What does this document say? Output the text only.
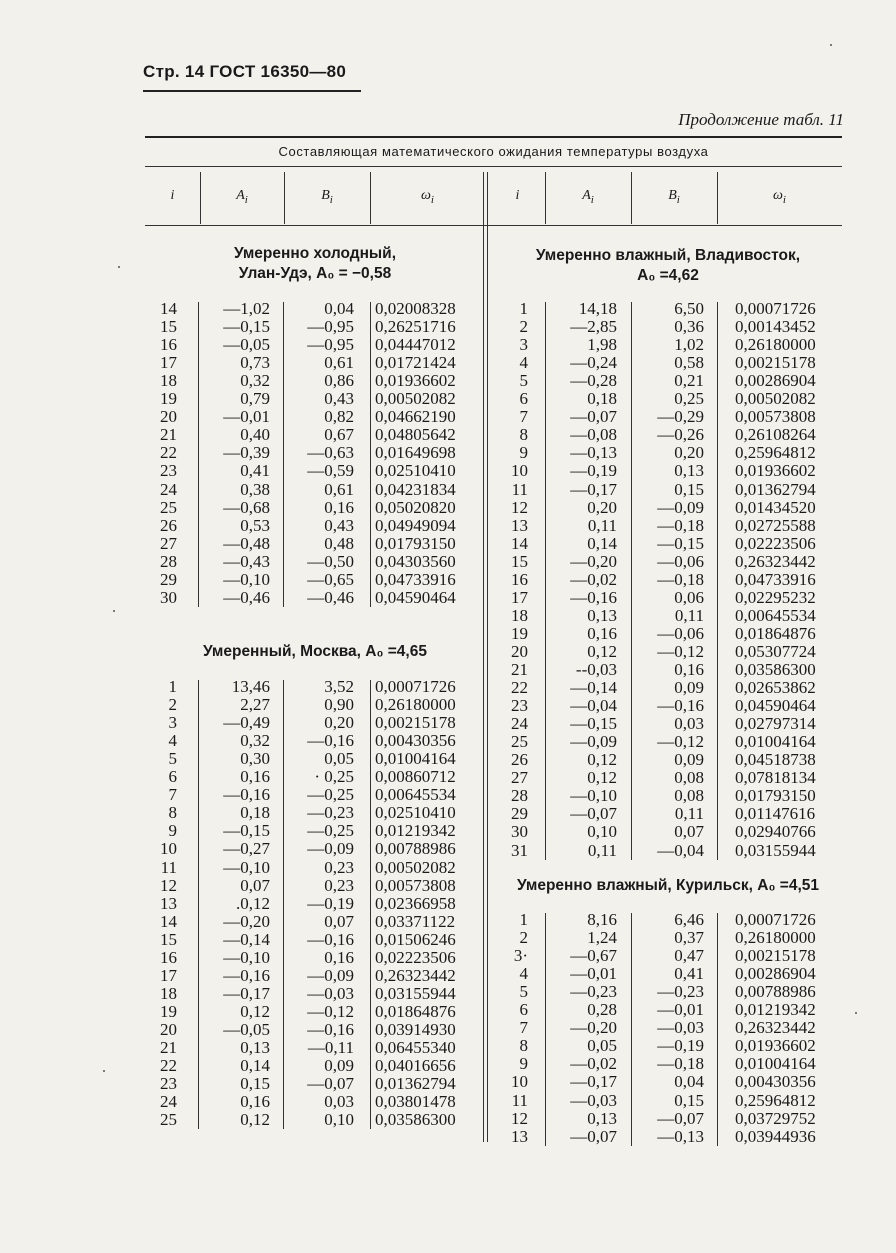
Стр. 14 ГОСТ 16350—80
Продолжение табл. 11
Составляющая математического ожидания температуры воздуха
i	$A_i$	$B_i$	$\omega_i$	i	$A_i$	$B_i$	$\omega_i$
Умеренно холодный,
Улан-Удэ, A₀ = −0,58
14	—1,02	0,04 0,02008328
15	—0,15	—0,95 0,26251716
16	—0,05	—0,95 0,04447012
17	0,73	0,61 0,01721424
18	0,32	0,86 0,01936602
19	0,79	0,43 0,00502082
20	—0,01	0,82 0,04662190
21	0,40	0,67 0,04805642
22	—0,39	—0,63 0,01649698
23	0,41	—0,59 0,02510410
24	0,38	0,61 0,04231834
25	—0,68	0,16 0,05020820
26	0,53	0,43 0,04949094
27	—0,48	0,48 0,01793150
28	—0,43	—0,50 0,04303560
29	—0,10	—0,65 0,04733916
30	—0,46	—0,46 0,04590464
Умеренный, Москва, A₀ =4,65
1	13,46	3,52 0,00071726
2	2,27	0,90 0,26180000
3	—0,49	0,20 0,00215178
4	0,32	—0,16 0,00430356
5	0,30	0,05 0,01004164
6	0,16	· 0,25 0,00860712
7	—0,16	—0,25 0,00645534
8	0,18	—0,23 0,02510410
9	—0,15	—0,25 0,01219342
10	—0,27	—0,09 0,00788986
11	—0,10	0,23 0,00502082
12	0,07	0,23 0,00573808
13	.0,12	—0,19 0,02366958
14	—0,20	0,07 0,03371122
15	—0,14	—0,16 0,01506246
16	—0,10	0,16 0,02223506
17	—0,16	—0,09 0,26323442
18	—0,17	—0,03 0,03155944
19	0,12	—0,12 0,01864876
20	—0,05	—0,16 0,03914930
21	0,13	—0,11 0,06455340
22	0,14	0,09 0,04016656
23	0,15	—0,07 0,01362794
24	0,16	0,03 0,03801478
25	0,12	0,10 0,03586300
Умеренно влажный, Владивосток,
A₀ =4,62
1	14,18	6,50 0,00071726
2	—2,85	0,36 0,00143452
3	1,98	1,02 0,26180000
4	—0,24	0,58 0,00215178
5	—0,28	0,21 0,00286904
6	0,18	0,25 0,00502082
7	—0,07	—0,29 0,00573808
8	—0,08	—0,26 0,26108264
9	—0,13	0,20 0,25964812
10	—0,19	0,13 0,01936602
11	—0,17	0,15 0,01362794
12	0,20	—0,09 0,01434520
13	0,11	—0,18 0,02725588
14	0,14	—0,15 0,02223506
15	—0,20	—0,06 0,26323442
16	—0,02	—0,18 0,04733916
17	—0,16	0,06 0,02295232
18	0,13	0,11 0,00645534
19	0,16	—0,06 0,01864876
20	0,12	—0,12 0,05307724
21	--0,03	0,16 0,03586300
22	—0,14	0,09 0,02653862
23	—0,04	—0,16 0,04590464
24	—0,15	0,03 0,02797314
25	—0,09	—0,12 0,01004164
26	0,12	0,09 0,04518738
27	0,12	0,08 0,07818134
28	—0,10	0,08 0,01793150
29	—0,07	0,11 0,01147616
30	0,10	0,07 0,02940766
31	0,11	—0,04 0,03155944
Умеренно влажный, Курильск, A₀ =4,51
1	8,16	6,46 0,00071726
2	1,24	0,37 0,26180000
3·	—0,67	0,47 0,00215178
4	—0,01	0,41 0,00286904
5	—0,23	—0,23 0,00788986
6	0,28	—0,01 0,01219342
7	—0,20	—0,03 0,26323442
8	0,05	—0,19 0,01936602
9	—0,02	—0,18 0,01004164
10	—0,17	0,04 0,00430356
11	—0,03	0,15 0,25964812
12	0,13	—0,07 0,03729752
13	—0,07	—0,13 0,03944936
